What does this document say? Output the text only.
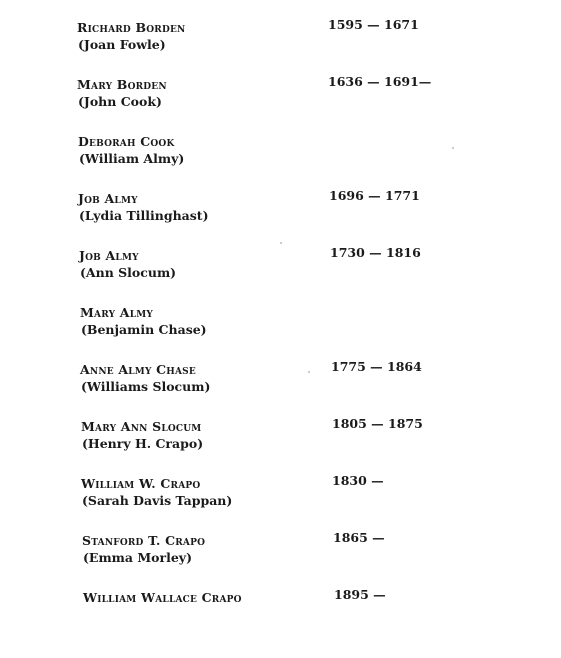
Richard Borden
(Joan Fowle)
1595 — 1671
Mary Borden
(John Cook)
1636 — 1691—
Deborah Cook
(William Almy)
Job Almy
(Lydia Tillinghast)
1696 — 1771
Job Almy
(Ann Slocum)
1730 — 1816
Mary Almy
(Benjamin Chase)
Anne Almy Chase
(Williams Slocum)
1775 — 1864
Mary Ann Slocum
(Henry H. Crapo)
1805 — 1875
William W. Crapo
(Sarah Davis Tappan)
1830 —
Stanford T. Crapo
(Emma Morley)
1865 —
William Wallace Crapo	1895 —
